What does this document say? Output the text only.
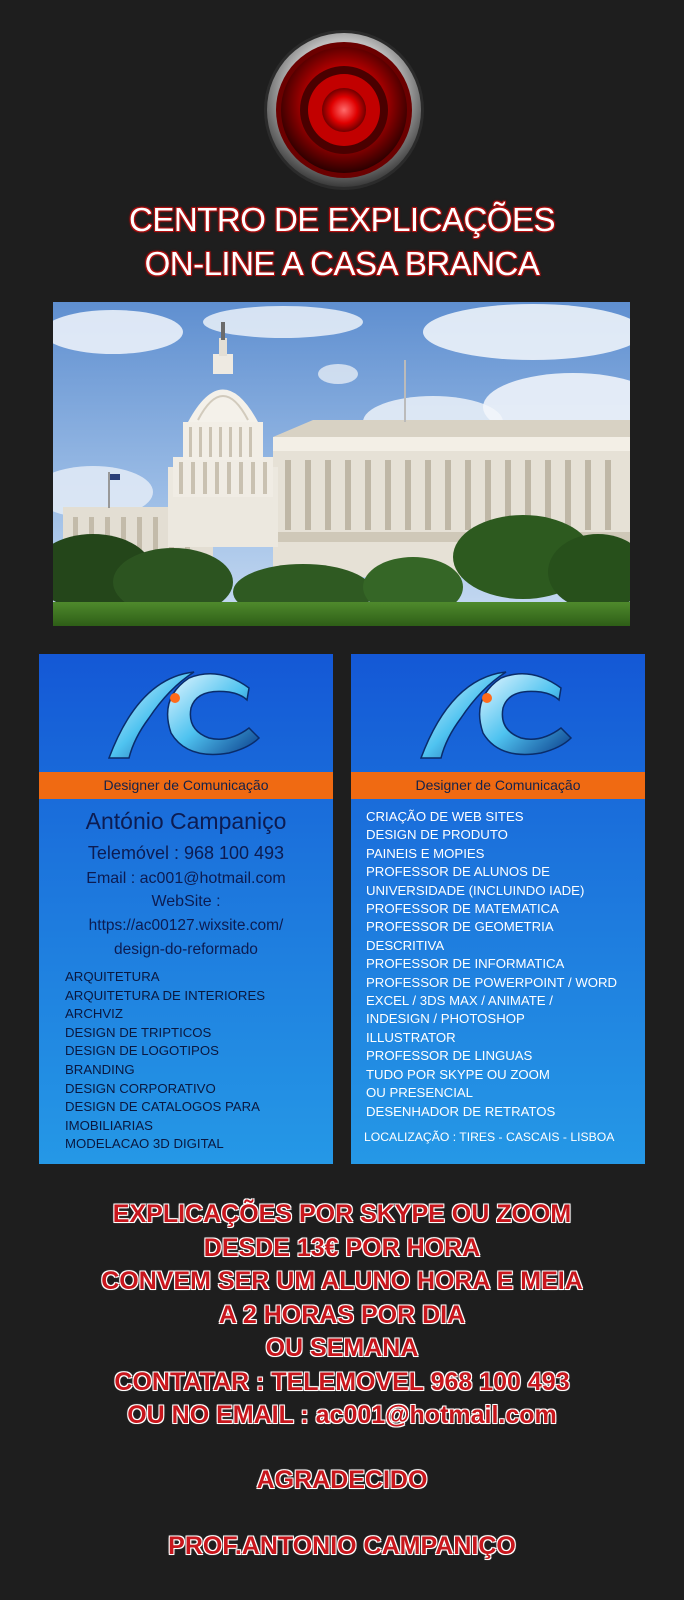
CENTRO DE EXPLICAÇÕES
ON-LINE A CASA BRANCA
Designer de Comunicação
António Campaniço
Telemóvel : 968 100 493
Email : ac001@hotmail.com
WebSite :
https://ac00127.wixsite.com/
design-do-reformado
ARQUITETURA
ARQUITETURA DE INTERIORES
ARCHVIZ
DESIGN DE TRIPTICOS
DESIGN DE LOGOTIPOS
BRANDING
DESIGN CORPORATIVO
DESIGN DE CATALOGOS PARA
IMOBILIARIAS
MODELACAO 3D DIGITAL
Designer de Comunicação
CRIAÇÃO DE WEB SITES
DESIGN DE PRODUTO
PAINEIS E MOPIES
PROFESSOR DE ALUNOS DE
UNIVERSIDADE (INCLUINDO IADE)
PROFESSOR DE MATEMATICA
PROFESSOR DE GEOMETRIA
DESCRITIVA
PROFESSOR DE INFORMATICA
PROFESSOR DE POWERPOINT / WORD
EXCEL / 3DS MAX / ANIMATE /
INDESIGN / PHOTOSHOP
ILLUSTRATOR
PROFESSOR DE LINGUAS
TUDO POR SKYPE OU ZOOM
OU PRESENCIAL
DESENHADOR DE RETRATOS
LOCALIZAÇÃO : TIRES - CASCAIS - LISBOA
EXPLICAÇÕES POR SKYPE OU ZOOM
DESDE 13€ POR HORA
CONVEM SER UM ALUNO HORA E MEIA
A 2 HORAS POR DIA
OU SEMANA
CONTATAR : TELEMOVEL 968 100 493
OU NO EMAIL : ac001@hotmail.com
AGRADECIDO
PROF.ANTONIO CAMPANIÇO
